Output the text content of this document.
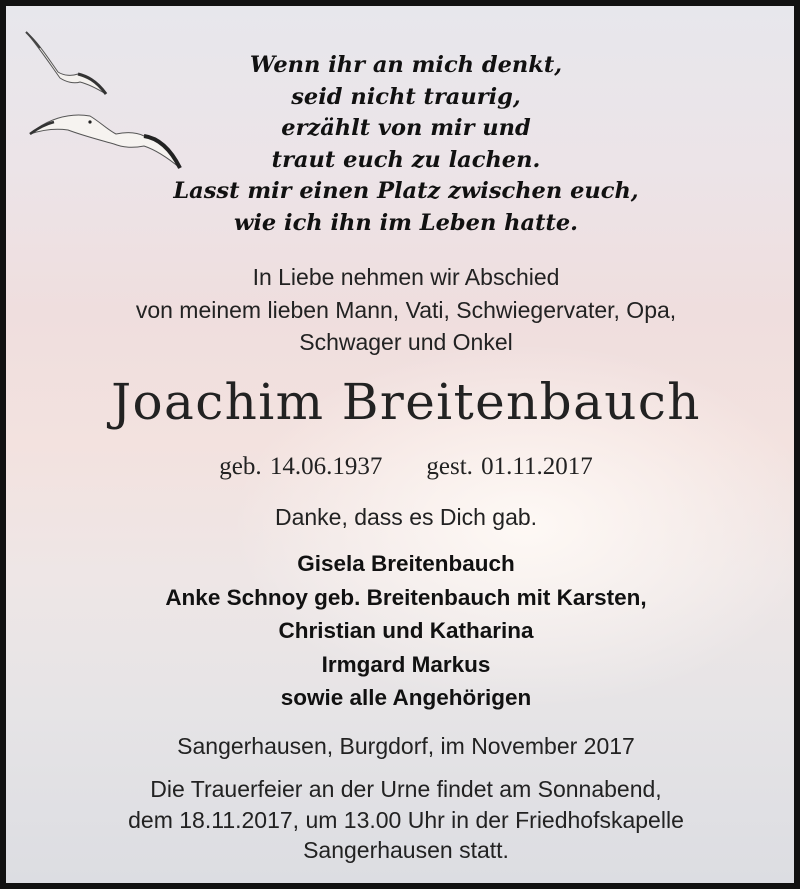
Wenn ihr an mich denkt,
seid nicht traurig,
erzählt von mir und
traut euch zu lachen.
Lasst mir einen Platz zwischen euch,
wie ich ihn im Leben hatte.
In Liebe nehmen wir Abschied
von meinem lieben Mann, Vati, Schwiegervater, Opa,
Schwager und Onkel
Joachim Breitenbauch
geb. 14.06.1937 gest. 01.11.2017
Danke, dass es Dich gab.
Gisela Breitenbauch
Anke Schnoy geb. Breitenbauch mit Karsten,
Christian und Katharina
Irmgard Markus
sowie alle Angehörigen
Sangerhausen, Burgdorf, im November 2017
Die Trauerfeier an der Urne findet am Sonnabend,
dem 18.11.2017, um 13.00 Uhr in der Friedhofskapelle
Sangerhausen statt.
